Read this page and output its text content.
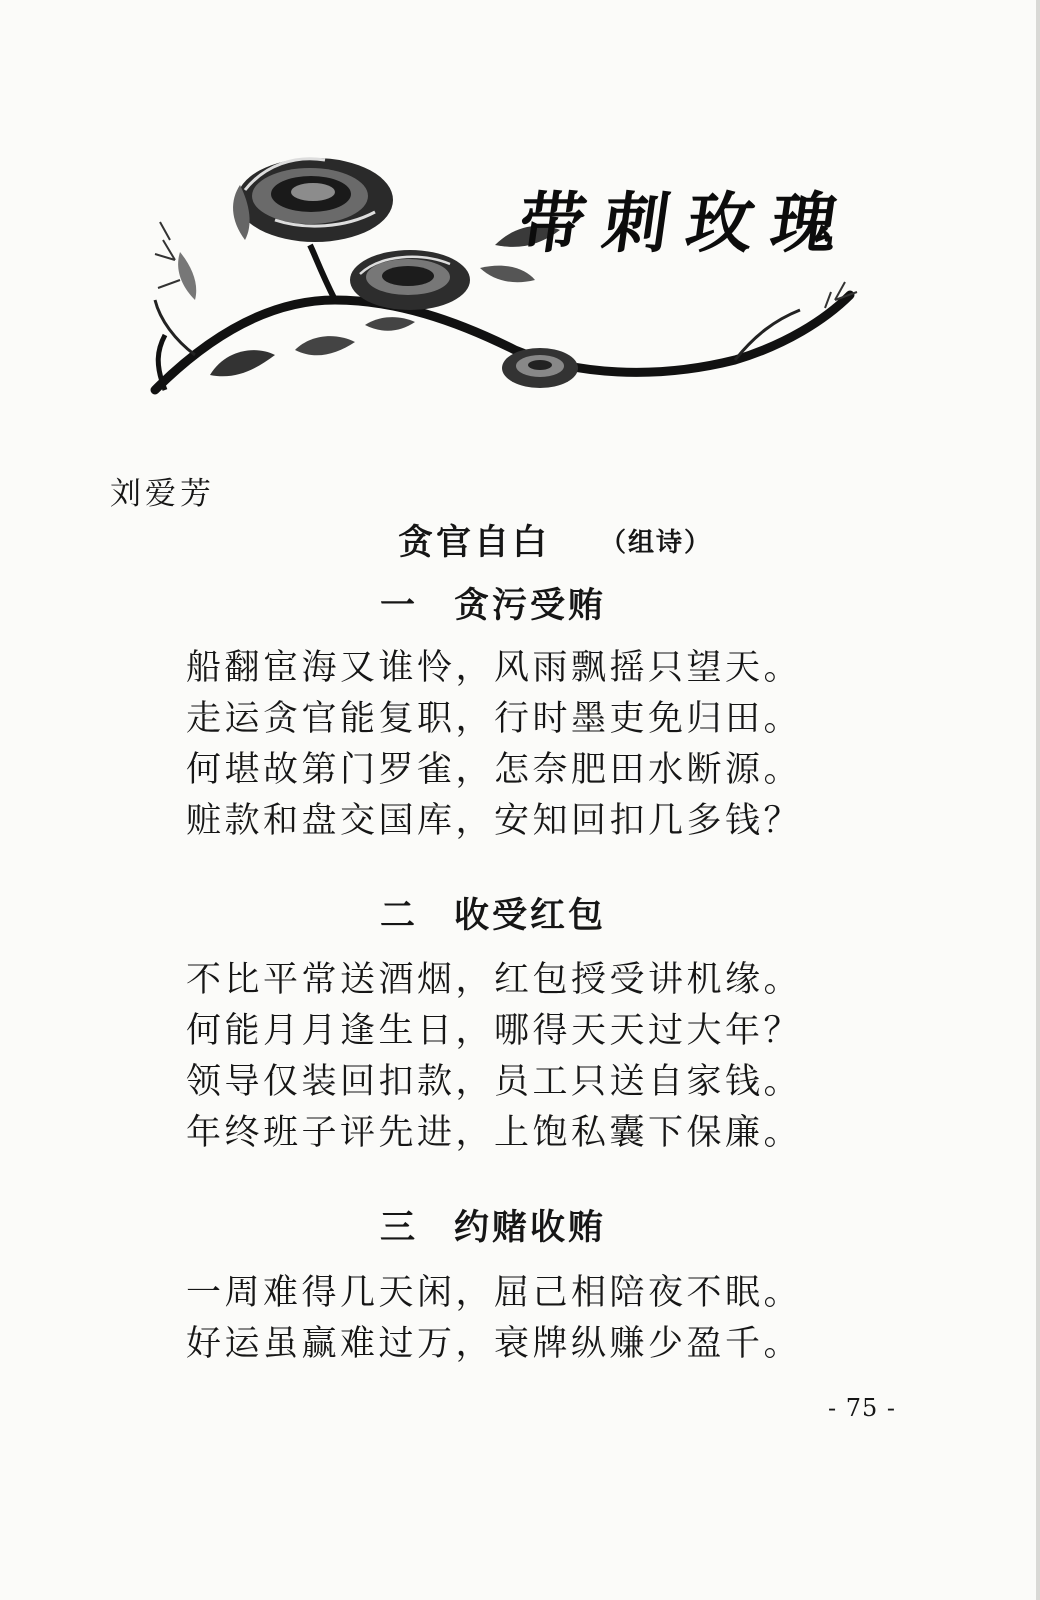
带刺玫瑰
刘爱芳
贪官自白 （组诗）
一 贪污受贿
船翻宦海又谁怜，风雨飘摇只望天。
走运贪官能复职，行时墨吏免归田。
何堪故第门罗雀，怎奈肥田水断源。
赃款和盘交国库，安知回扣几多钱？
二 收受红包
不比平常送酒烟，红包授受讲机缘。
何能月月逢生日，哪得天天过大年？
领导仅装回扣款，员工只送自家钱。
年终班子评先进，上饱私囊下保廉。
三 约赌收贿
一周难得几天闲，屈己相陪夜不眠。
好运虽赢难过万，衰牌纵赚少盈千。
- 75 -
